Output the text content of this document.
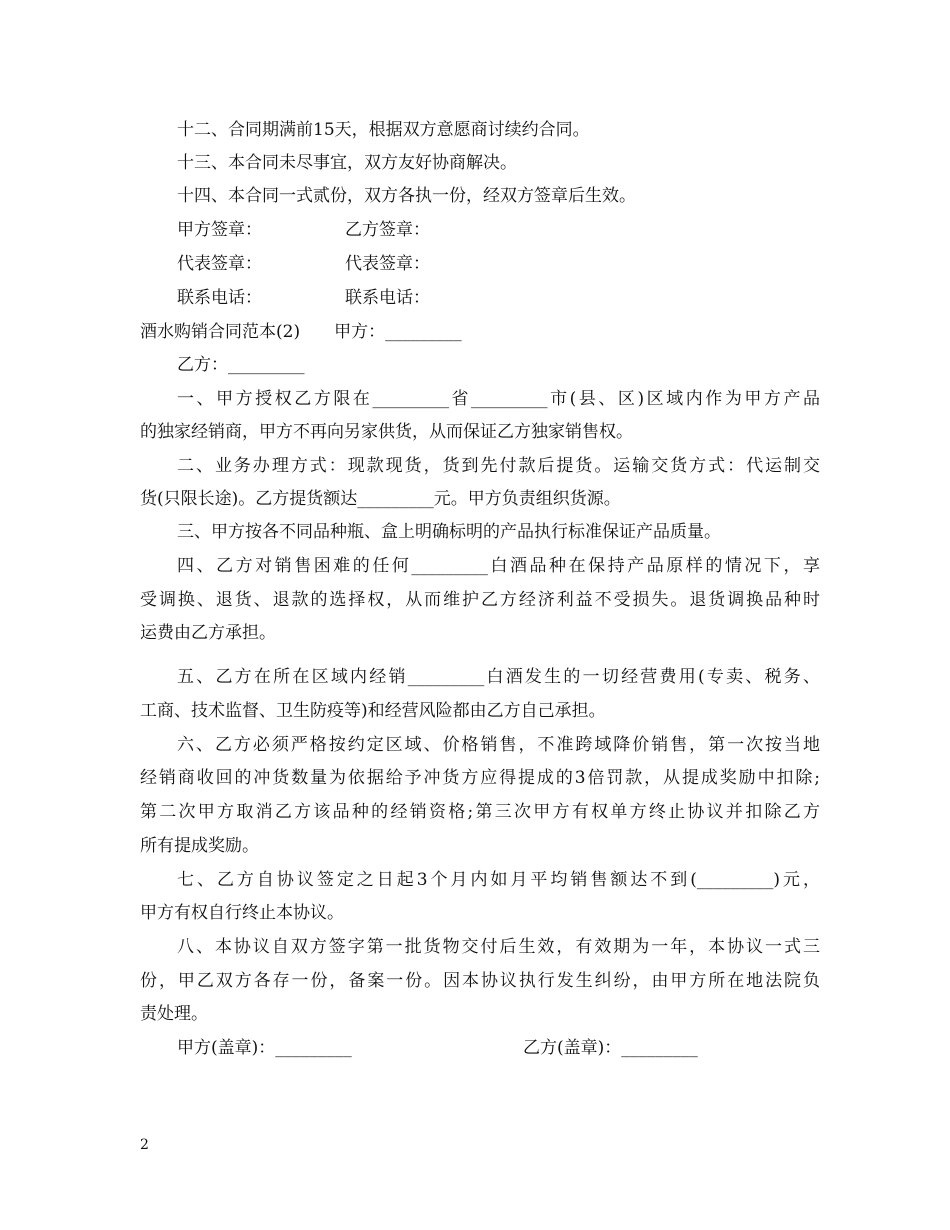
十二、合同期满前15天，根据双方意愿商讨续约合同。
十三、本合同未尽事宜，双方友好协商解决。
十四、本合同一式贰份，双方各执一份，经双方签章后生效。
甲方签章：	乙方签章：
代表签章：	代表签章：
联系电话：	联系电话：
酒水购销合同范本(2)　　甲方：_________
乙方：_________
一、甲方授权乙方限在_________省_________市(县、区)区域内作为甲方产品
的独家经销商，甲方不再向另家供货，从而保证乙方独家销售权。
二、业务办理方式：现款现货，货到先付款后提货。运输交货方式：代运制交
货(只限长途)。乙方提货额达_________元。甲方负责组织货源。
三、甲方按各不同品种瓶、盒上明确标明的产品执行标准保证产品质量。
四、乙方对销售困难的任何_________白酒品种在保持产品原样的情况下，享
受调换、退货、退款的选择权，从而维护乙方经济利益不受损失。退货调换品种时
运费由乙方承担。
五、乙方在所在区域内经销_________白酒发生的一切经营费用(专卖、税务、
工商、技术监督、卫生防疫等)和经营风险都由乙方自己承担。
六、乙方必须严格按约定区域、价格销售，不准跨域降价销售，第一次按当地
经销商收回的冲货数量为依据给予冲货方应得提成的3倍罚款，从提成奖励中扣除;
第二次甲方取消乙方该品种的经销资格;第三次甲方有权单方终止协议并扣除乙方
所有提成奖励。
七、乙方自协议签定之日起3个月内如月平均销售额达不到(_________)元，
甲方有权自行终止本协议。
八、本协议自双方签字第一批货物交付后生效，有效期为一年，本协议一式三
份，甲乙双方各存一份，备案一份。因本协议执行发生纠纷，由甲方所在地法院负
责处理。
甲方(盖章)：_________	乙方(盖章)：_________
2
